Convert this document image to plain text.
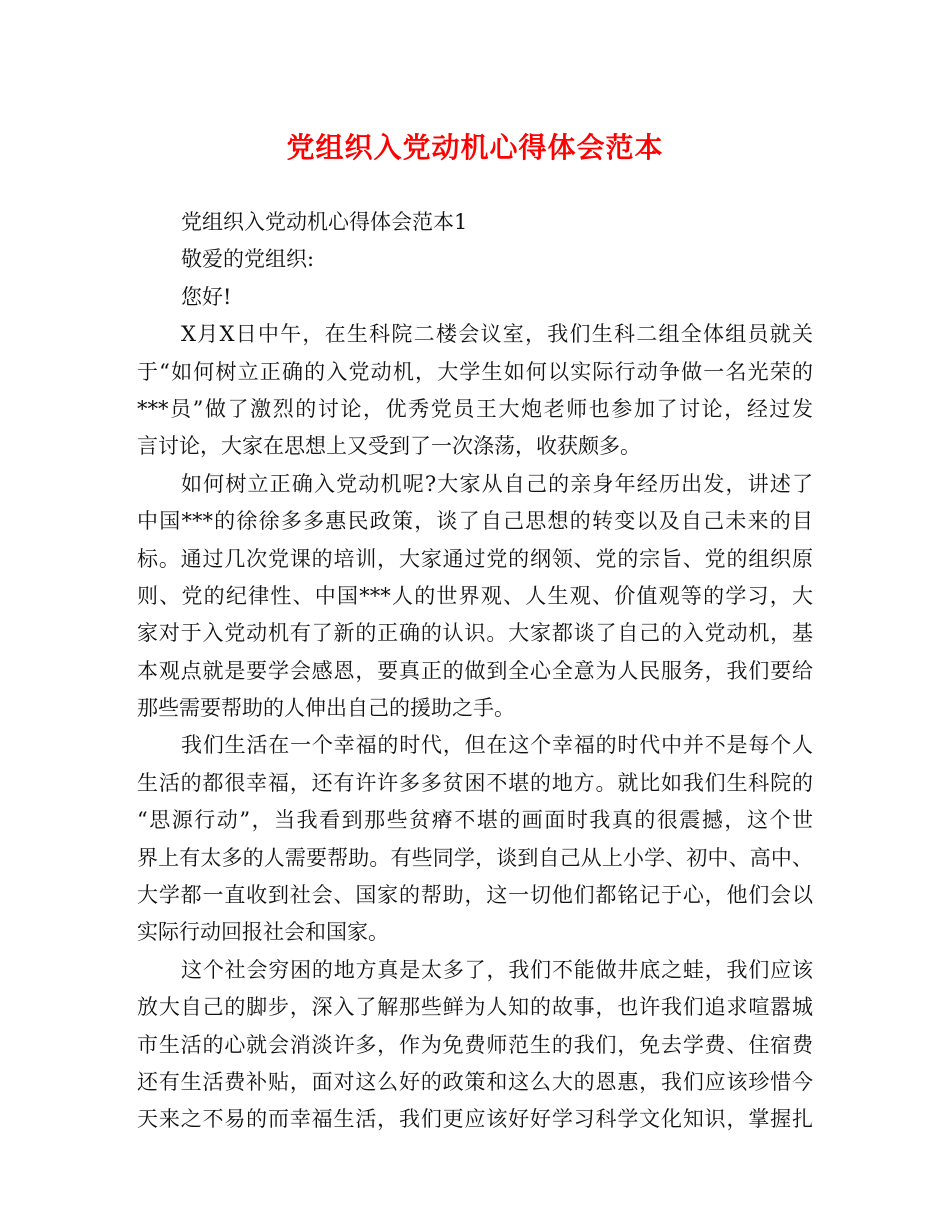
党组织入党动机心得体会范本

党组织入党动机心得体会范本1

敬爱的党组织:

您好!

X月X日中午，在生科院二楼会议室，我们生科二组全体组员就关

于“如何树立正确的入党动机，大学生如何以实际行动争做一名光荣的

***员”做了激烈的讨论，优秀党员王大炮老师也参加了讨论，经过发

言讨论，大家在思想上又受到了一次涤荡，收获颇多。

如何树立正确入党动机呢?大家从自己的亲身年经历出发，讲述了

中国***的徐徐多多惠民政策，谈了自己思想的转变以及自己未来的目

标。通过几次党课的培训，大家通过党的纲领、党的宗旨、党的组织原

则、党的纪律性、中国***人的世界观、人生观、价值观等的学习，大

家对于入党动机有了新的正确的认识。大家都谈了自己的入党动机，基

本观点就是要学会感恩，要真正的做到全心全意为人民服务，我们要给

那些需要帮助的人伸出自己的援助之手。

我们生活在一个幸福的时代，但在这个幸福的时代中并不是每个人

生活的都很幸福，还有许许多多贫困不堪的地方。就比如我们生科院的

“思源行动”，当我看到那些贫瘠不堪的画面时我真的很震撼，这个世

界上有太多的人需要帮助。有些同学，谈到自己从上小学、初中、高中、

大学都一直收到社会、国家的帮助，这一切他们都铭记于心，他们会以

实际行动回报社会和国家。

这个社会穷困的地方真是太多了，我们不能做井底之蛙，我们应该

放大自己的脚步，深入了解那些鲜为人知的故事，也许我们追求喧嚣城

市生活的心就会消淡许多，作为免费师范生的我们，免去学费、住宿费

还有生活费补贴，面对这么好的政策和这么大的恩惠，我们应该珍惜今

天来之不易的而幸福生活，我们更应该好好学习科学文化知识，掌握扎
